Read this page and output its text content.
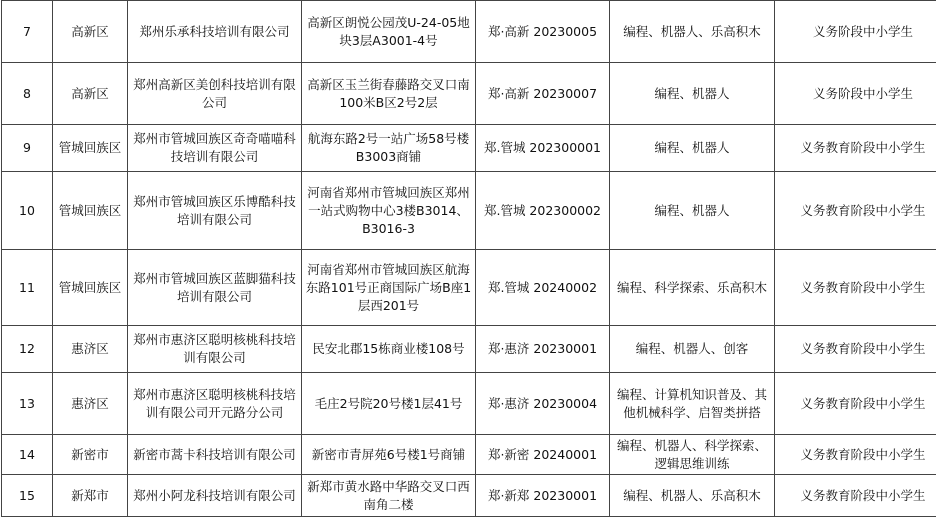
7	高新区	郑州乐承科技培训有限公司	高新区朗悦公园茂U-24-05地块3层A3001-4号	郑·高新 20230005	编程、机器人、乐高积木	义务阶段中小学生
8	高新区	郑州高新区美创科技培训有限公司	高新区玉兰街春藤路交叉口南100米B区2号2层	郑·高新 20230007	编程、机器人	义务阶段中小学生
9	管城回族区	郑州市管城回族区奇奇喵喵科技培训有限公司	航海东路2号一站广场58号楼B3003商铺	郑.管城 202300001	编程、机器人	义务教育阶段中小学生
10	管城回族区	郑州市管城回族区乐博酷科技培训有限公司	河南省郑州市管城回族区郑州一站式购物中心3楼B3014、B3016-3	郑.管城 202300002	编程、机器人	义务教育阶段中小学生
11	管城回族区	郑州市管城回族区蓝脚猫科技培训有限公司	河南省郑州市管城回族区航海东路101号正商国际广场B座1层西201号	郑.管城 20240002	编程、科学探索、乐高积木	义务教育阶段中小学生
12	惠济区	郑州市惠济区聪明核桃科技培训有限公司	民安北郡15栋商业楼108号	郑·惠济 20230001	编程、机器人、创客	义务教育阶段中小学生
13	惠济区	郑州市惠济区聪明核桃科技培训有限公司开元路分公司	毛庄2号院20号楼1层41号	郑·惠济 20230004	编程、计算机知识普及、其他机械科学、启智类拼搭	义务教育阶段中小学生
14	新密市	新密市蒿卡科技培训有限公司	新密市青屏苑6号楼1号商铺	郑·新密 20240001	编程、机器人、科学探索、逻辑思维训练	义务教育阶段中小学生
15	新郑市	郑州小阿龙科技培训有限公司	新郑市黄水路中华路交叉口西南角二楼	郑·新郑 20230001	编程、机器人、乐高积木	义务教育阶段中小学生
